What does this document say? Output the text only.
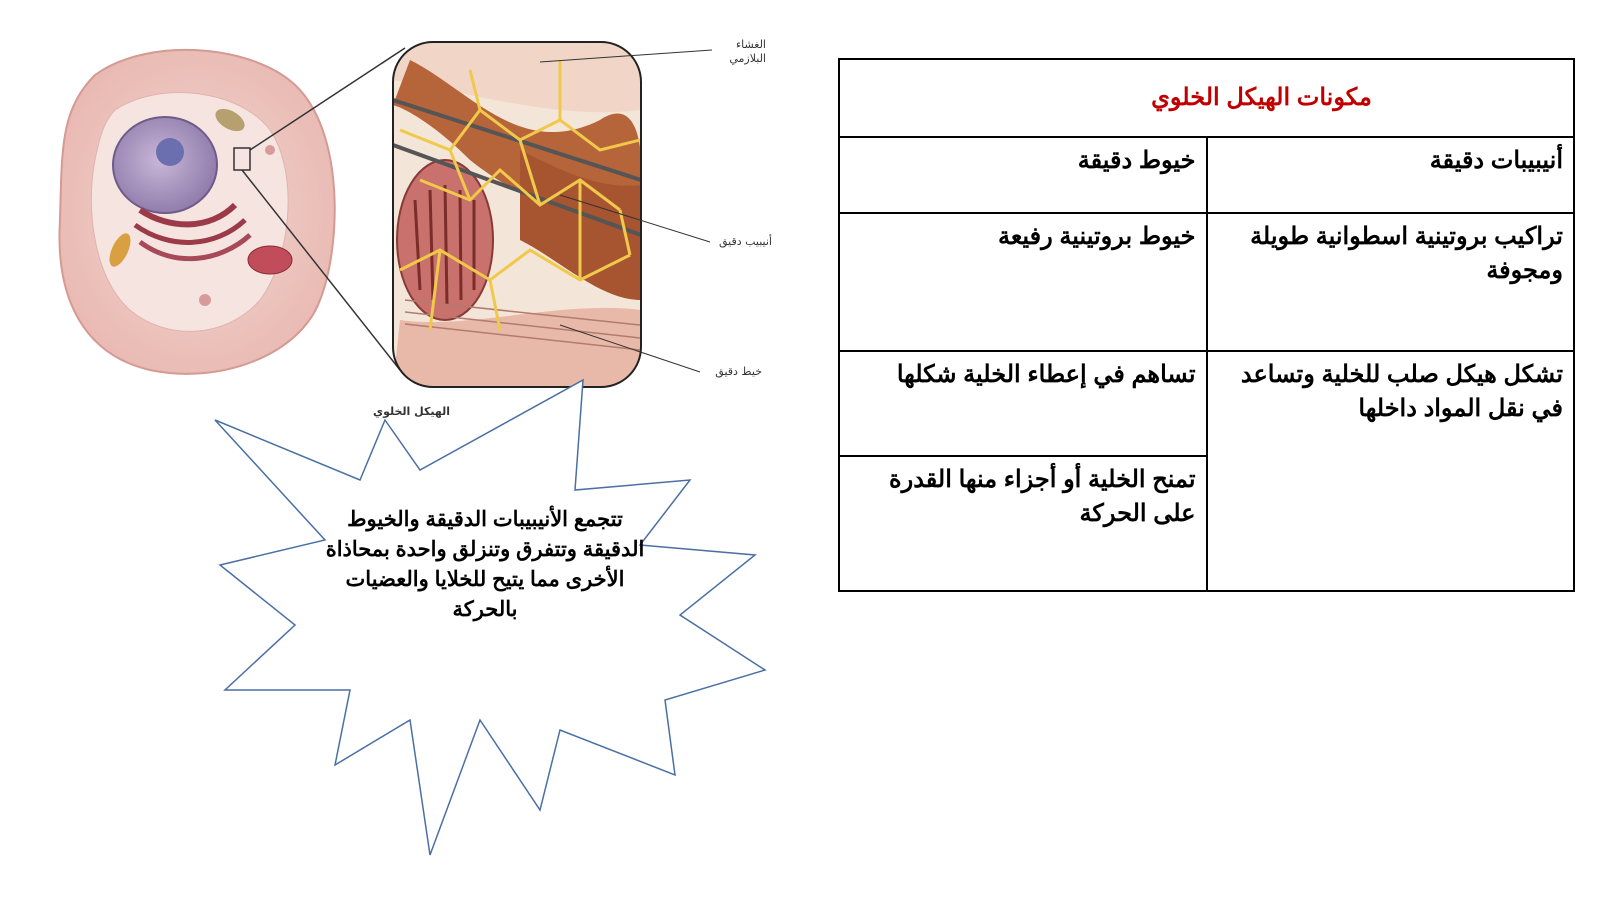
الغشاء البلازمي
أنيبيب دقيق
خيط دقيق
الهيكل الخلوي
تتجمع الأنيبيبات الدقيقة والخيوط الدقيقة وتتفرق وتنزلق واحدة بمحاذاة الأخرى مما يتيح للخلايا والعضيات بالحركة
مكونات الهيكل الخلوي	
أنيبيبات دقيقة	خيوط دقيقة
تراكيب بروتينية اسطوانية طويلة ومجوفة	خيوط بروتينية رفيعة
تشكل هيكل صلب للخلية وتساعد في نقل المواد داخلها	تساهم في إعطاء الخلية شكلها
	تمنح الخلية أو أجزاء منها القدرة على الحركة
